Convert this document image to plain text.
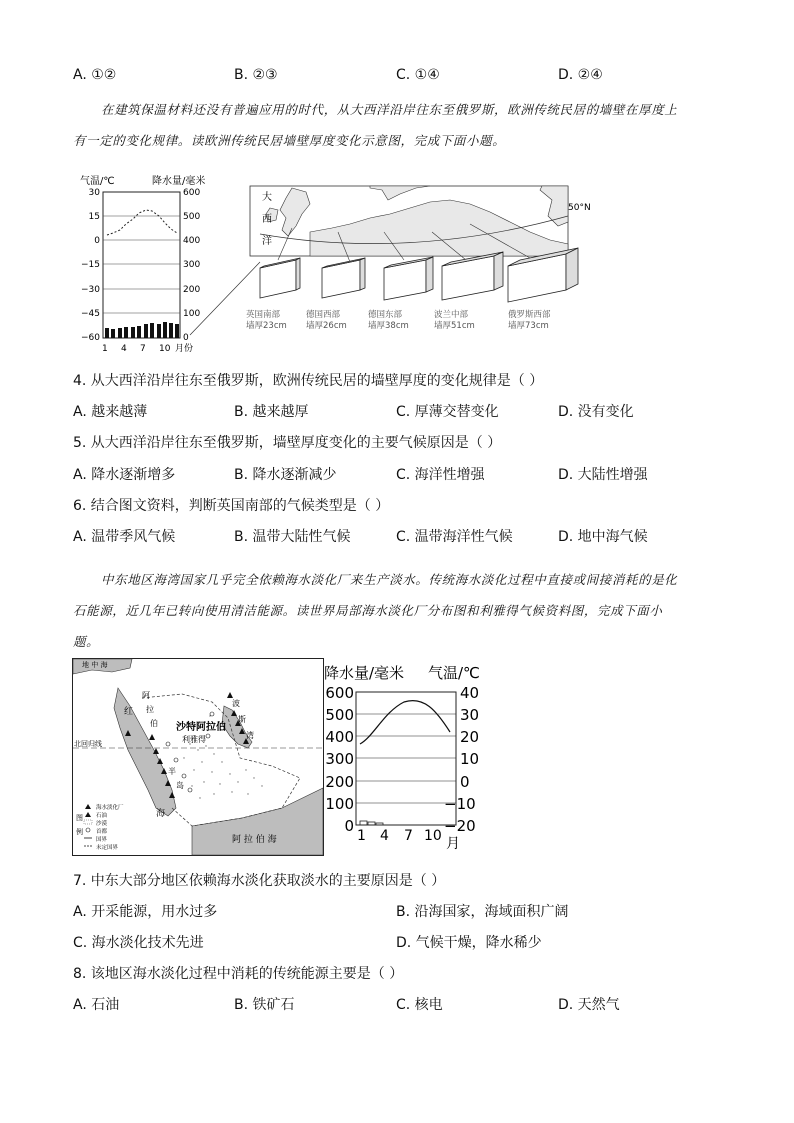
A. ①②	B. ②③	C. ①④	D. ②④
在建筑保温材料还没有普遍应用的时代，从大西洋沿岸往东至俄罗斯，欧洲传统民居的墙壁在厚度上
有一定的变化规律。读欧洲传统民居墙壁厚度变化示意图，完成下面小题。
气温/℃	降水量/毫米
30
15
0
−15
−30
−45
−60
600
500
400
300
200
100
0
1 4 7 10 月份
大
西
洋
50°N
英国南部
墙厚23cm
德国西部
墙厚26cm
德国东部
墙厚38cm
波兰中部
墙厚51cm
俄罗斯西部
墙厚73cm
4. 从大西洋沿岸往东至俄罗斯，欧洲传统民居的墙壁厚度的变化规律是（ ）
A. 越来越薄	B. 越来越厚	C. 厚薄交替变化	D. 没有变化
5. 从大西洋沿岸往东至俄罗斯，墙壁厚度变化的主要气候原因是（ ）
A. 降水逐渐增多	B. 降水逐渐减少	C. 海洋性增强	D. 大陆性增强
6. 结合图文资料，判断英国南部的气候类型是（ ）
A. 温带季风气候	B. 温带大陆性气候	C. 温带海洋性气候	D. 地中海气候
中东地区海湾国家几乎完全依赖海水淡化厂来生产淡水。传统海水淡化过程中直接或间接消耗的是化
石能源，近几年已转向使用清洁能源。读世界局部海水淡化厂分布图和利雅得气候资料图，完成下面小
题。
地 中 海
红
海
沙特阿拉伯
利雅得
北回归线
阿 拉 伯 海
阿
拉
伯
波
斯
湾
半
岛
图
例
海水淡化厂
石油
沙漠
首都
国界
未定国界
降水量/毫米 气温/℃
600
500
400
300
200
100
0
40
30
20
10
−10
−20
0
1 4 7 10 月
7. 中东大部分地区依赖海水淡化获取淡水的主要原因是（ ）
A. 开采能源，用水过多	B. 沿海国家，海域面积广阔
C. 海水淡化技术先进	D. 气候干燥，降水稀少
8. 该地区海水淡化过程中消耗的传统能源主要是（ ）
A. 石油	B. 铁矿石	C. 核电	D. 天然气
